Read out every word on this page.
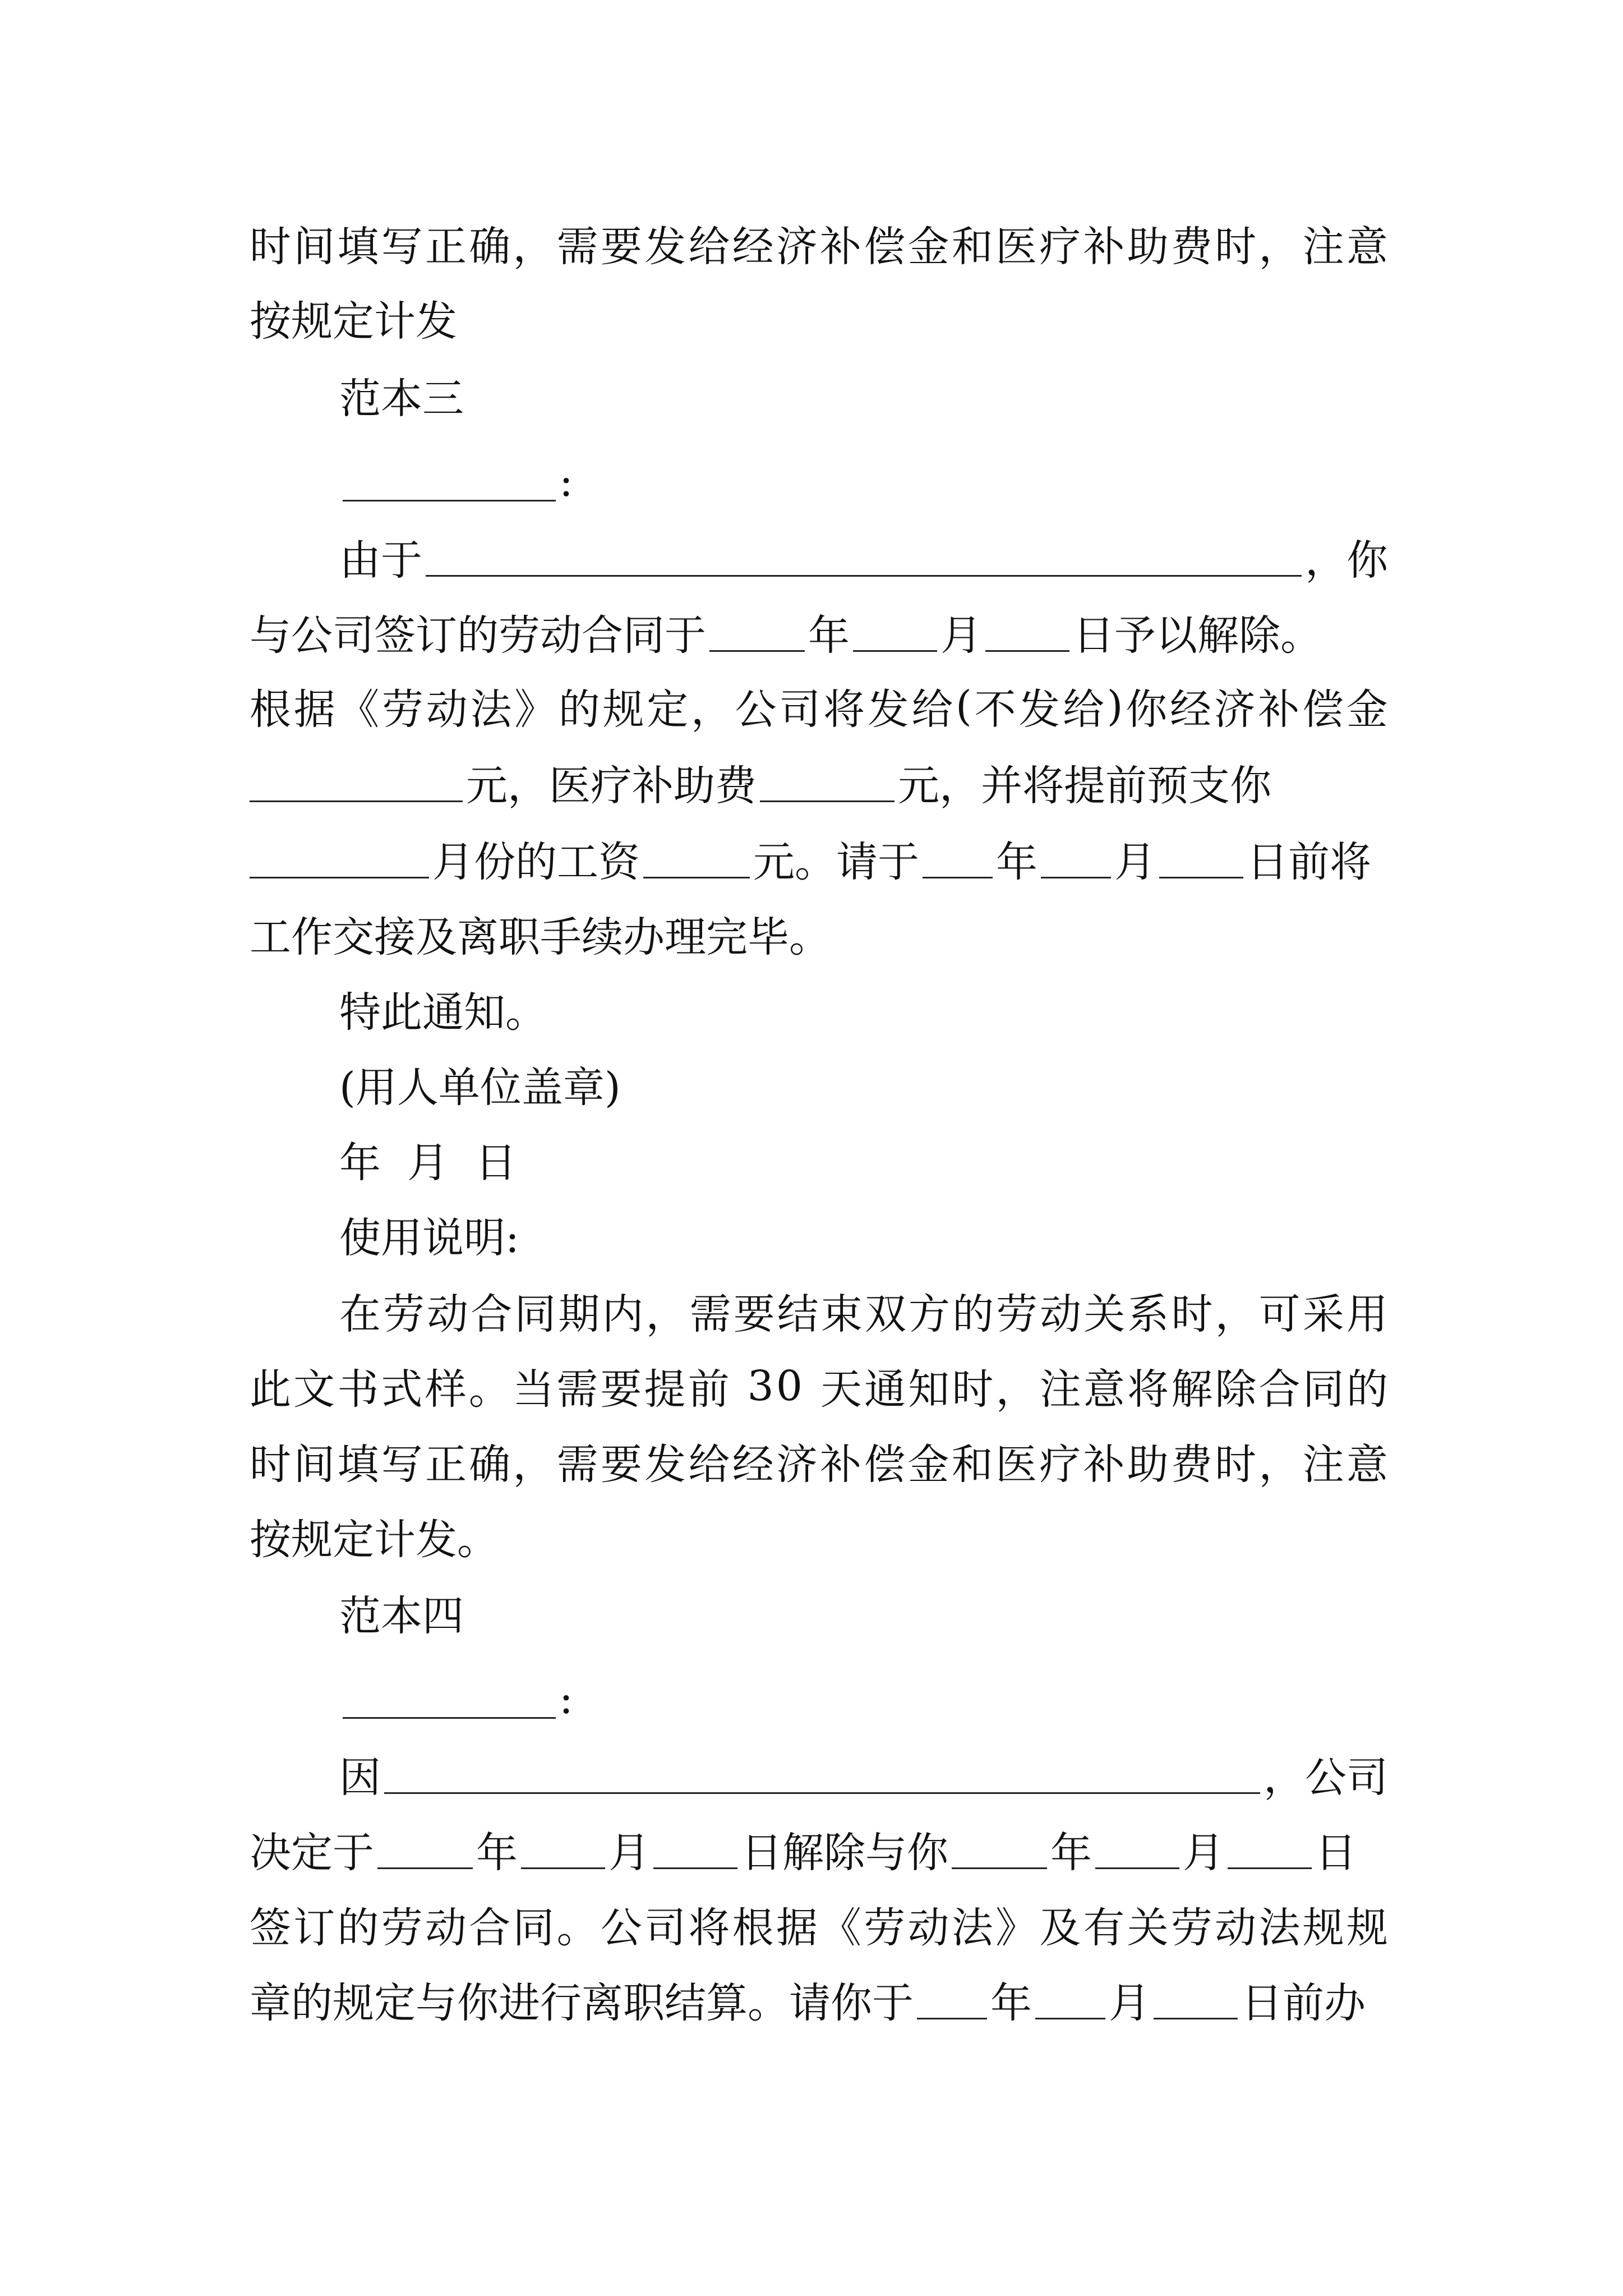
时 间 填 写 正 确 ， 需 要 发 给 经 济 补 偿 金 和 医 疗 补 助 费 时 ， 注 意
按规定计发
范本三
:
由于	，你
与公司签订的劳动合同于 年 月 日予以解除。
根 据 《 劳 动 法 》 的 规 定 ， 公 司 将 发 给 ( 不 发 给 ) 你 经 济 补 偿 金
元，医疗补助费	元，并将提前预支你
月份的工资	元。请于 年 月 日前将
工作交接及离职手续办理完毕。
特此通知。
(用人单位盖章)
年  月  日
使用说明:
在 劳 动 合 同 期 内 ， 需 要 结 束 双 方 的 劳 动 关 系 时 ， 可 采 用
此 文 书 式 样 。 当 需 要 提 前
3 0
天 通 知 时 ， 注 意 将 解 除 合 同 的
时 间 填 写 正 确 ， 需 要 发 给 经 济 补 偿 金 和 医 疗 补 助 费 时 ， 注 意
按规定计发。
范本四
:
因	，公司
决定于 年 月 日解除与你 年 月 日
签 订 的 劳 动 合 同 。 公 司 将 根 据 《 劳 动 法 》 及 有 关 劳 动 法 规 规
章的规定与你进行离职结算。请你于 年 月 日前办
